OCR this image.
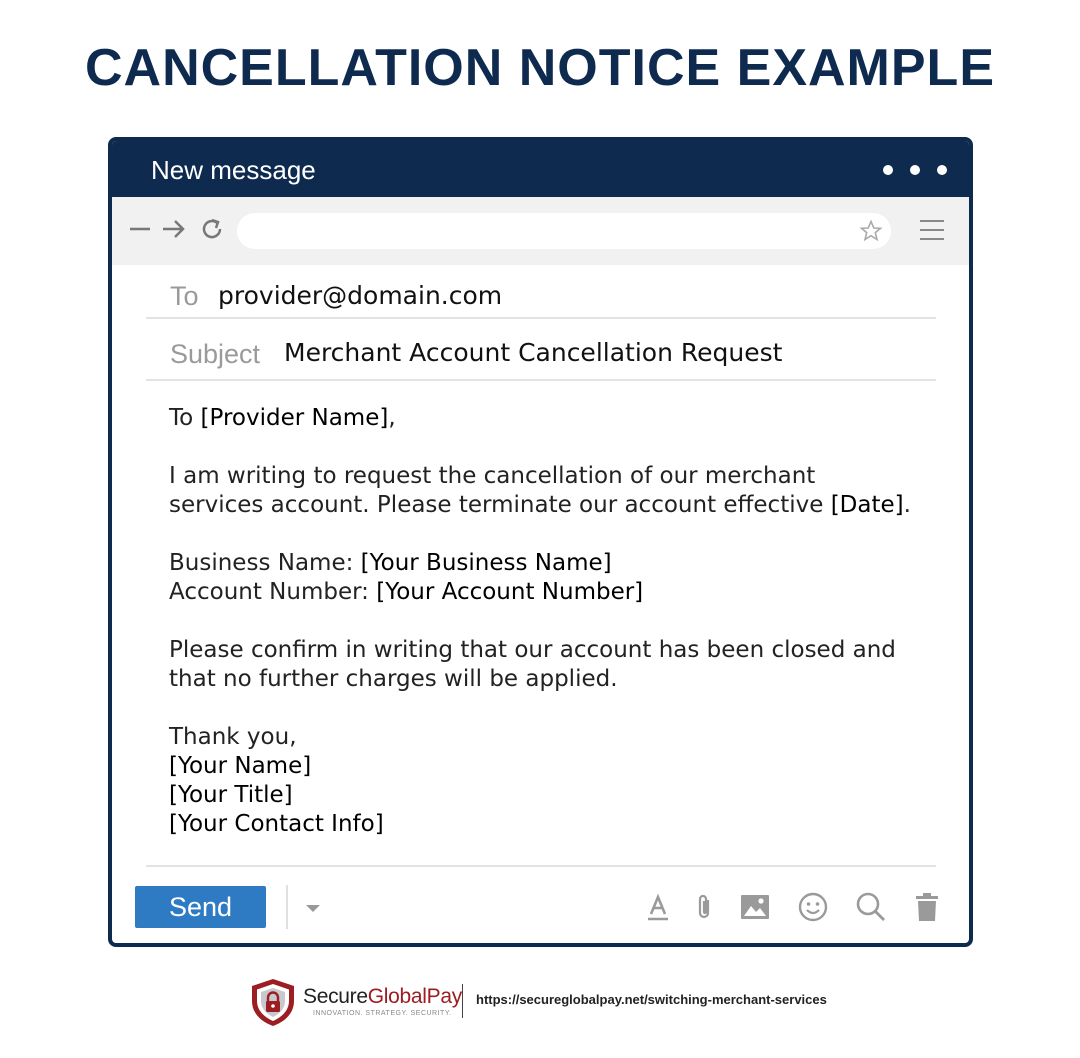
CANCELLATION NOTICE EXAMPLE
New message
To provider@domain.com
Subject Merchant Account Cancellation Request
To [Provider Name],
I am writing to request the cancellation of our merchant
services account. Please terminate our account effective [Date].
Business Name: [Your Business Name]
Account Number: [Your Account Number]
Please confirm in writing that our account has been closed and
that no further charges will be applied.
Thank you,
[Your Name]
[Your Title]
[Your Contact Info]
Send
SecureGlobalPay
INNOVATION. STRATEGY. SECURITY.
https://secureglobalpay.net/switching-merchant-services
